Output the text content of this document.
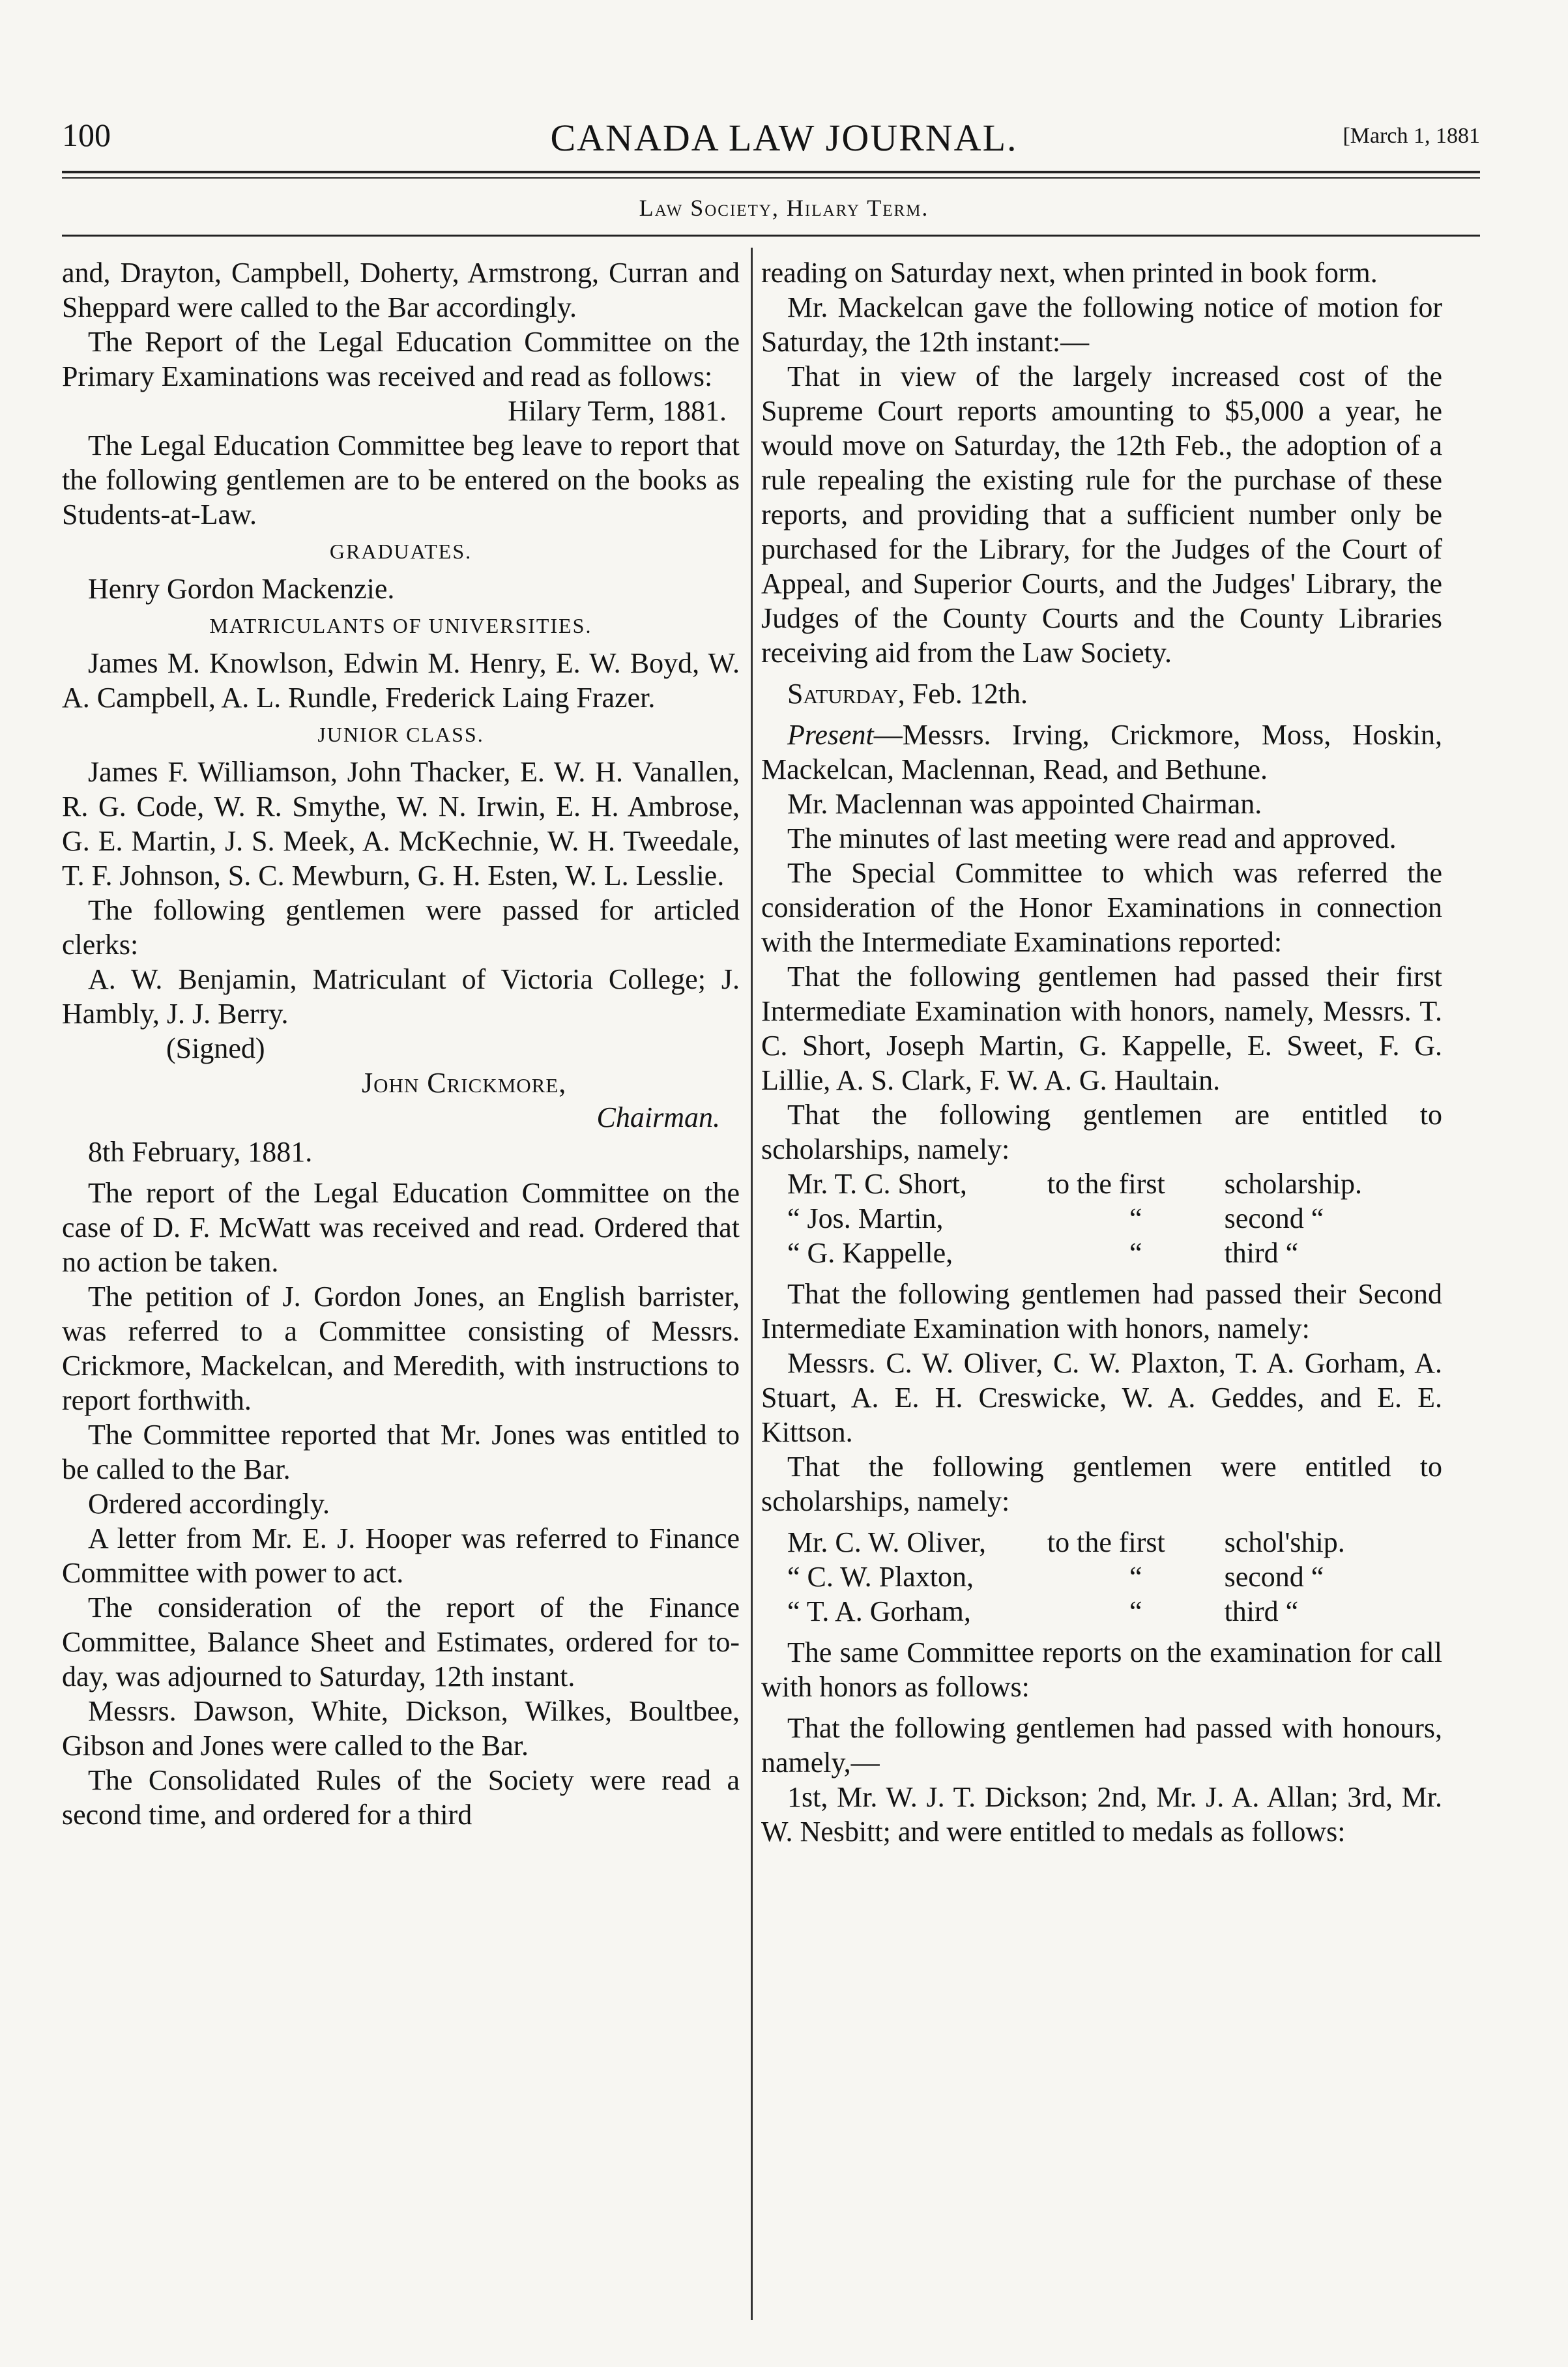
100	CANADA LAW JOURNAL.	[March 1, 1881
Law Society, Hilary Term.

and, Drayton, Campbell, Doherty, Armstrong, Curran and Sheppard were called to the Bar accordingly.

The Report of the Legal Education Committee on the Primary Examinations was received and read as follows:

Hilary Term, 1881.

The Legal Education Committee beg leave to report that the following gentlemen are to be entered on the books as Students-at-Law.

GRADUATES.

Henry Gordon Mackenzie.

MATRICULANTS OF UNIVERSITIES.

James M. Knowlson, Edwin M. Henry, E. W. Boyd, W. A. Campbell, A. L. Rundle, Frederick Laing Frazer.

JUNIOR CLASS.

James F. Williamson, John Thacker, E. W. H. Vanallen, R. G. Code, W. R. Smythe, W. N. Irwin, E. H. Ambrose, G. E. Martin, J. S. Meek, A. McKechnie, W. H. Tweedale, T. F. Johnson, S. C. Mewburn, G. H. Esten, W. L. Lesslie.

The following gentlemen were passed for articled clerks:

A. W. Benjamin, Matriculant of Victoria College; J. Hambly, J. J. Berry.

(Signed)

John Crickmore,

Chairman.

8th February, 1881.

The report of the Legal Education Committee on the case of D. F. McWatt was received and read. Ordered that no action be taken.

The petition of J. Gordon Jones, an English barrister, was referred to a Committee consisting of Messrs. Crickmore, Mackelcan, and Meredith, with instructions to report forthwith.

The Committee reported that Mr. Jones was entitled to be called to the Bar.

Ordered accordingly.

A letter from Mr. E. J. Hooper was referred to Finance Committee with power to act.

The consideration of the report of the Finance Committee, Balance Sheet and Estimates, ordered for to-day, was adjourned to Saturday, 12th instant.

Messrs. Dawson, White, Dickson, Wilkes, Boultbee, Gibson and Jones were called to the Bar.

The Consolidated Rules of the Society were read a second time, and ordered for a third

reading on Saturday next, when printed in book form.

Mr. Mackelcan gave the following notice of motion for Saturday, the 12th instant:—

That in view of the largely increased cost of the Supreme Court reports amounting to $5,000 a year, he would move on Saturday, the 12th Feb., the adoption of a rule repealing the existing rule for the purchase of these reports, and providing that a sufficient number only be purchased for the Library, for the Judges of the Court of Appeal, and Superior Courts, and the Judges' Library, the Judges of the County Courts and the County Libraries receiving aid from the Law Society.

Saturday, Feb. 12th.

Present—Messrs. Irving, Crickmore, Moss, Hoskin, Mackelcan, Maclennan, Read, and Bethune.

Mr. Maclennan was appointed Chairman.

The minutes of last meeting were read and approved.

The Special Committee to which was referred the consideration of the Honor Examinations in connection with the Intermediate Examinations reported:

That the following gentlemen had passed their first Intermediate Examination with honors, namely, Messrs. T. C. Short, Joseph Martin, G. Kappelle, E. Sweet, F. G. Lillie, A. S. Clark, F. W. A. G. Haultain.

That the following gentlemen are entitled to scholarships, namely:

Mr. T. C. Short,	to the first	scholarship.
“ Jos. Martin,	“	second “
“ G. Kappelle,	“	third “

That the following gentlemen had passed their Second Intermediate Examination with honors, namely:

Messrs. C. W. Oliver, C. W. Plaxton, T. A. Gorham, A. Stuart, A. E. H. Creswicke, W. A. Geddes, and E. E. Kittson.

That the following gentlemen were entitled to scholarships, namely:

Mr. C. W. Oliver,	to the first	schol'ship.
“ C. W. Plaxton,	“	second “
“ T. A. Gorham,	“	third “

The same Committee reports on the examination for call with honors as follows:

That the following gentlemen had passed with honours, namely,—

1st, Mr. W. J. T. Dickson; 2nd, Mr. J. A. Allan; 3rd, Mr. W. Nesbitt; and were entitled to medals as follows:
